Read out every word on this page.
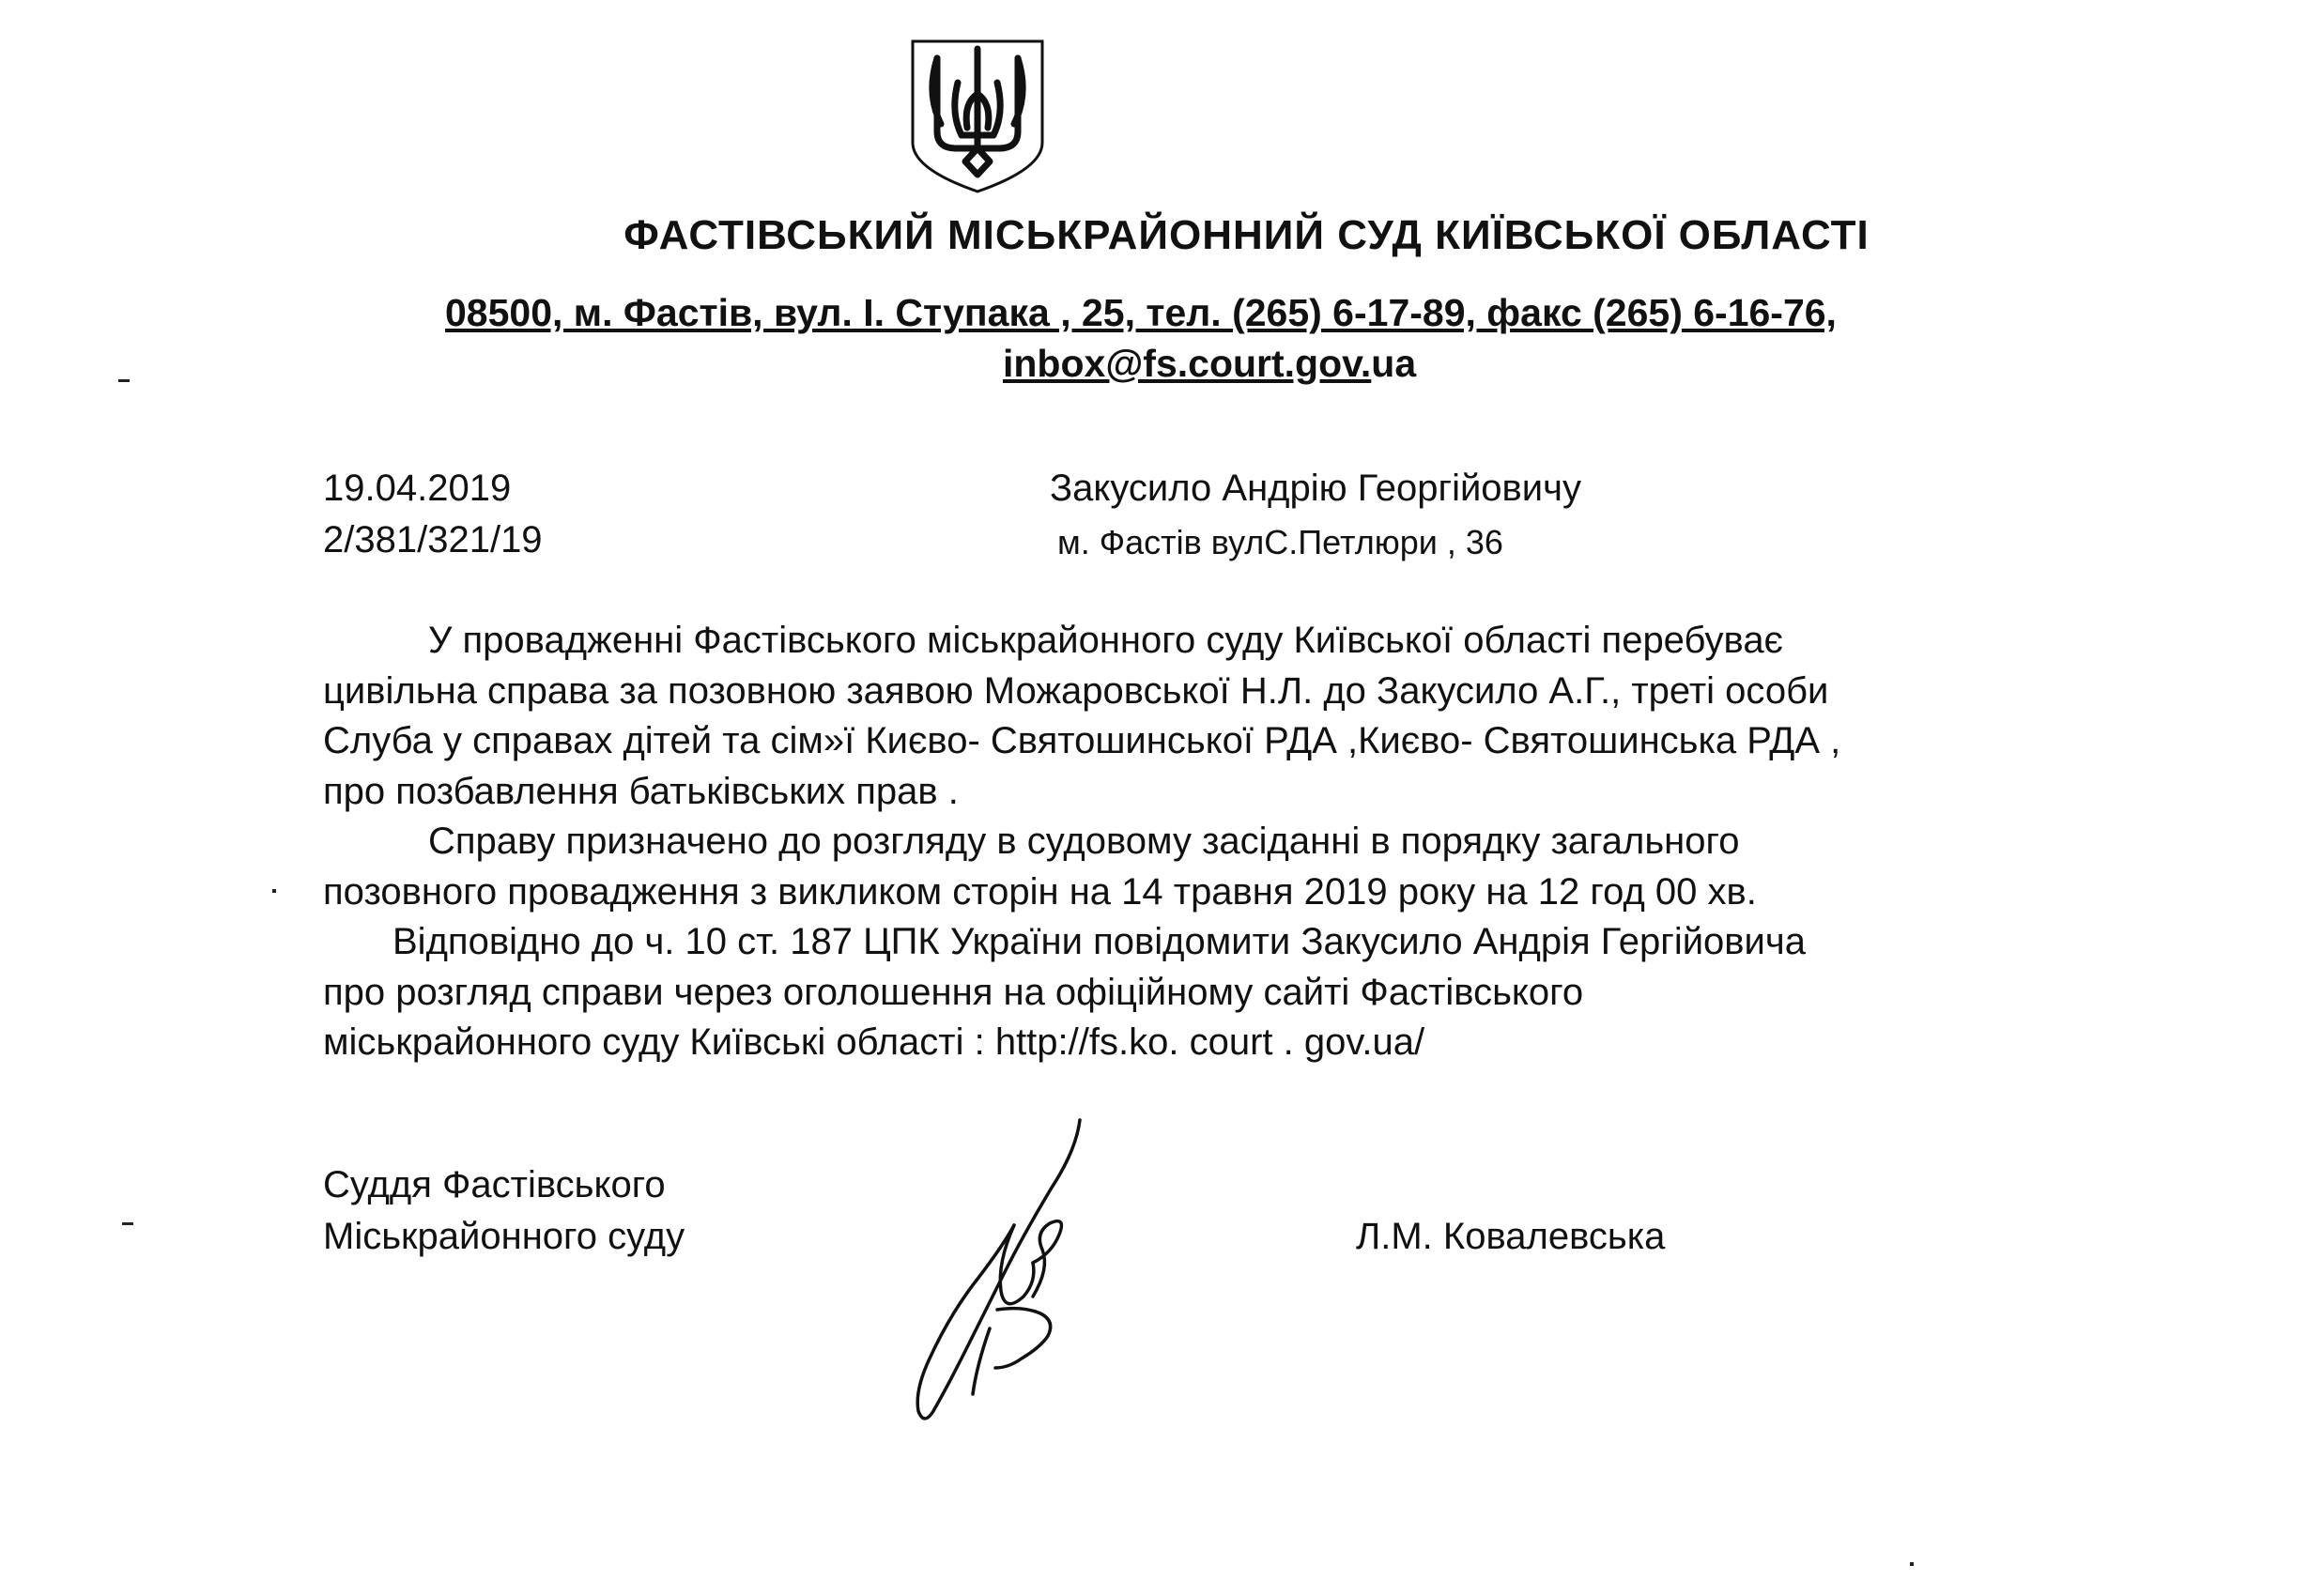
ФАСТІВСЬКИЙ МІСЬКРАЙОННИЙ СУД КИЇВСЬКОЇ ОБЛАСТІ
08500, м. Фастів, вул. І. Ступака , 25, тел. (265) 6-17-89, факс (265) 6-16-76,
inbox@fs.court.gov.ua
19.04.2019
2/381/321/19
Закусило Андрію Георгійовичу
м. Фастів вулС.Петлюри , 36
У провадженні Фастівського міськрайонного суду Київської області перебуває
цивільна справа за позовною заявою Можаровської Н.Л. до Закусило А.Г., треті особи
Слуба у справах дітей та сім»ї Києво- Святошинської РДА ,Києво- Святошинська РДА ,
про позбавлення батьківських прав .
Справу призначено до розгляду в судовому засіданні в порядку загального
позовного провадження з викликом сторін на 14 травня 2019 року на 12 год 00 хв.
Відповідно до ч. 10 ст. 187 ЦПК України повідомити Закусило Андрія Гергійовича
про розгляд справи через оголошення на офіційному сайті Фастівського
міськрайонного суду Київські області : http://fs.ko. court . gov.ua/
Суддя Фастівського
Міськрайонного суду	Л.М. Ковалевська
